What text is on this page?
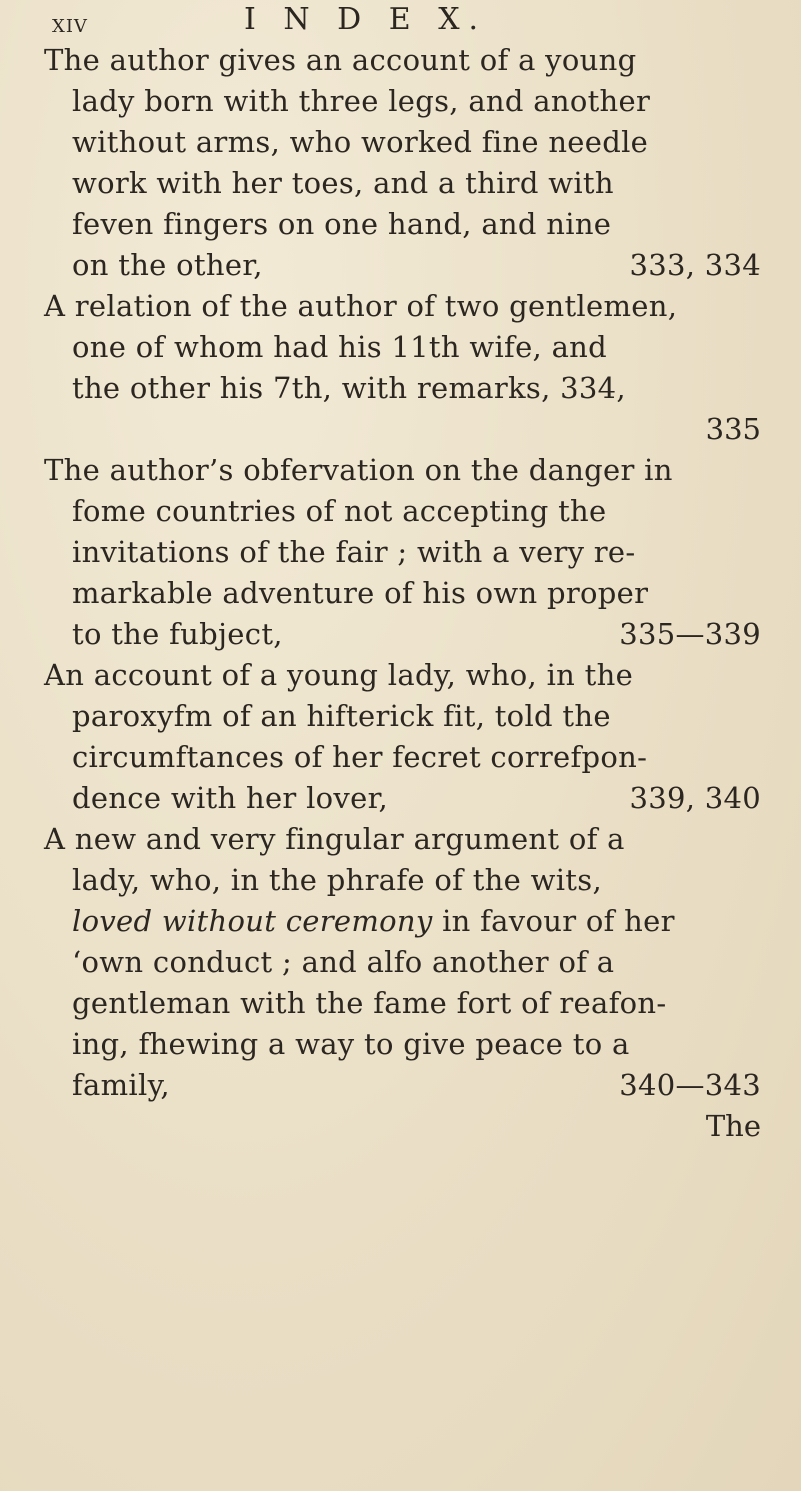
xiv	I N D E X.
The author gives an account of a young
lady born with three legs, and another
without arms, who worked fine needle
work with her toes, and a third with
feven fingers on one hand, and nine
on the other,	333, 334
A relation of the author of two gentlemen,
one of whom had his 11th wife, and
the other his 7th, with remarks, 334,
335
The author’s obfervation on the danger in
fome countries of not accepting the
invitations of the fair ; with a very re-
markable adventure of his own proper
to the fubject,	335—339
An account of a young lady, who, in the
paroxyfm of an hifterick fit, told the
circumftances of her fecret correfpon-
dence with her lover,	339, 340
A new and very fingular argument of a
lady, who, in the phrafe of the wits,
loved without ceremony in favour of her
‘own conduct ; and alfo another of a
gentleman with the fame fort of reafon-
ing, fhewing a way to give peace to a
family,	340—343
The
